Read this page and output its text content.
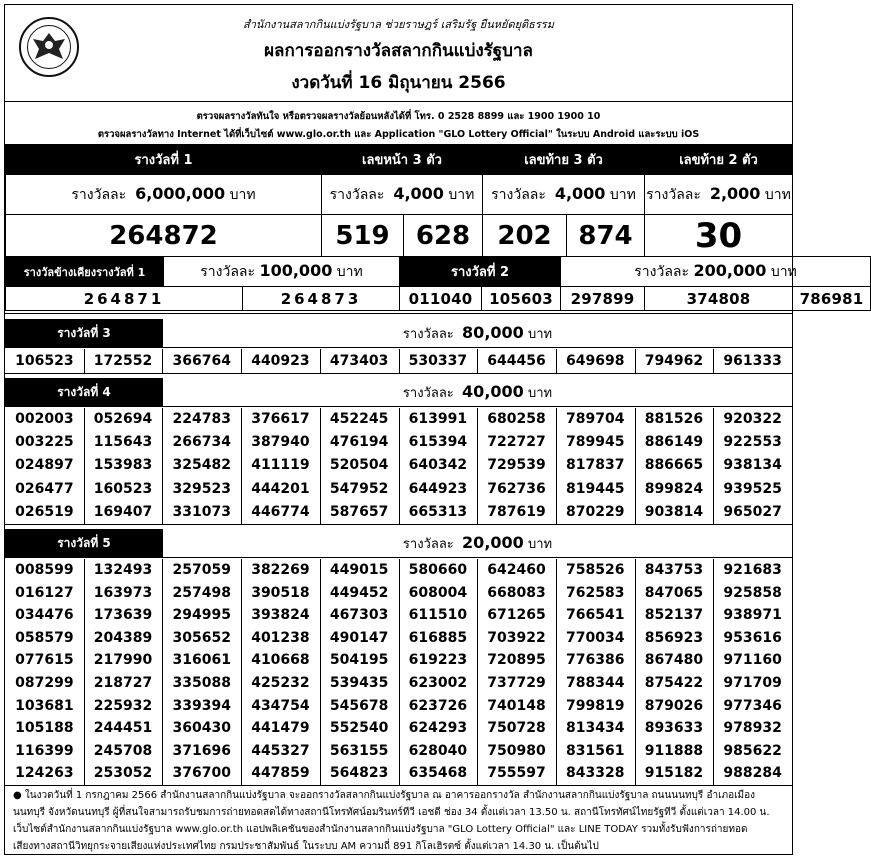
สำนักงานสลากกินแบ่งรัฐบาล ช่วยราษฎร์ เสริมรัฐ ยืนหยัดยุติธรรม
ผลการออกรางวัลสลากกินแบ่งรัฐบาล
งวดวันที่ 16 มิถุนายน 2566
ตรวจผลรางวัลทันใจ หรือตรวจผลรางวัลย้อนหลังได้ที่ โทร. 0 2528 8899 และ 1900 1900 10
ตรวจผลรางวัลทาง Internet ได้ที่เว็บไซต์ www.glo.or.th และ Application "GLO Lottery Official" ในระบบ Android และระบบ iOS
รางวัลที่ 1	เลขหน้า 3 ตัว		เลขท้าย 3 ตัว		เลขท้าย 2 ตัว
รางวัลละ 6,000,000 บาท	รางวัลละ 4,000 บาท		รางวัลละ 4,000 บาท		รางวัลละ 2,000 บาท
264872	519	628	202	874	30
รางวัลข้างเคียงรางวัลที่ 1	รางวัลละ 100,000 บาท		รางวัลที่ 2		รางวัลละ 200,000 บาท		
264871		264873	011040	105603	297899	374808	786981
รางวัลที่ 3	รางวัลละ 80,000 บาท
106523	172552	366764	440923	473403	530337	644456	649698	794962	961333
รางวัลที่ 4	รางวัลละ 40,000 บาท
002003	052694	224783	376617	452245	613991	680258	789704	881526	920322
003225	115643	266734	387940	476194	615394	722727	789945	886149	922553
024897	153983	325482	411119	520504	640342	729539	817837	886665	938134
026477	160523	329523	444201	547952	644923	762736	819445	899824	939525
026519	169407	331073	446774	587657	665313	787619	870229	903814	965027
รางวัลที่ 5	รางวัลละ 20,000 บาท
008599	132493	257059	382269	449015	580660	642460	758526	843753	921683
016127	163973	257498	390518	449452	608004	668083	762583	847065	925858
034476	173639	294995	393824	467303	611510	671265	766541	852137	938971
058579	204389	305652	401238	490147	616885	703922	770034	856923	953616
077615	217990	316061	410668	504195	619223	720895	776386	867480	971160
087299	218727	335088	425232	539435	623002	737729	788344	875422	971709
103681	225932	339394	434754	545678	623726	740148	799819	879026	977346
105188	244451	360430	441479	552540	624293	750728	813434	893633	978932
116399	245708	371696	445327	563155	628040	750980	831561	911888	985622
124263	253052	376700	447859	564823	635468	755597	843328	915182	988284

● ในงวดวันที่ 1 กรกฎาคม 2566 สำนักงานสลากกินแบ่งรัฐบาล จะออกรางวัลสลากกินแบ่งรัฐบาล ณ อาคารออกรางวัล สำนักงานสลากกินแบ่งรัฐบาล ถนนนนทบุรี อำเภอเมือง

นนทบุรี จังหวัดนนทบุรี ผู้ที่สนใจสามารถรับชมการถ่ายทอดสดได้ทางสถานีโทรทัศน์อมรินทร์ทีวี เอชดี ช่อง 34 ตั้งแต่เวลา 13.50 น. สถานีโทรทัศน์ไทยรัฐทีวี ตั้งแต่เวลา 14.00 น.

เว็บไซต์สำนักงานสลากกินแบ่งรัฐบาล www.glo.or.th แอปพลิเคชันของสำนักงานสลากกินแบ่งรัฐบาล "GLO Lottery Official" และ LINE TODAY รวมทั้งรับฟังการถ่ายทอด

เสียงทางสถานีวิทยุกระจายเสียงแห่งประเทศไทย กรมประชาสัมพันธ์ ในระบบ AM ความถี่ 891 กิโลเฮิรตซ์ ตั้งแต่เวลา 14.30 น. เป็นต้นไป
